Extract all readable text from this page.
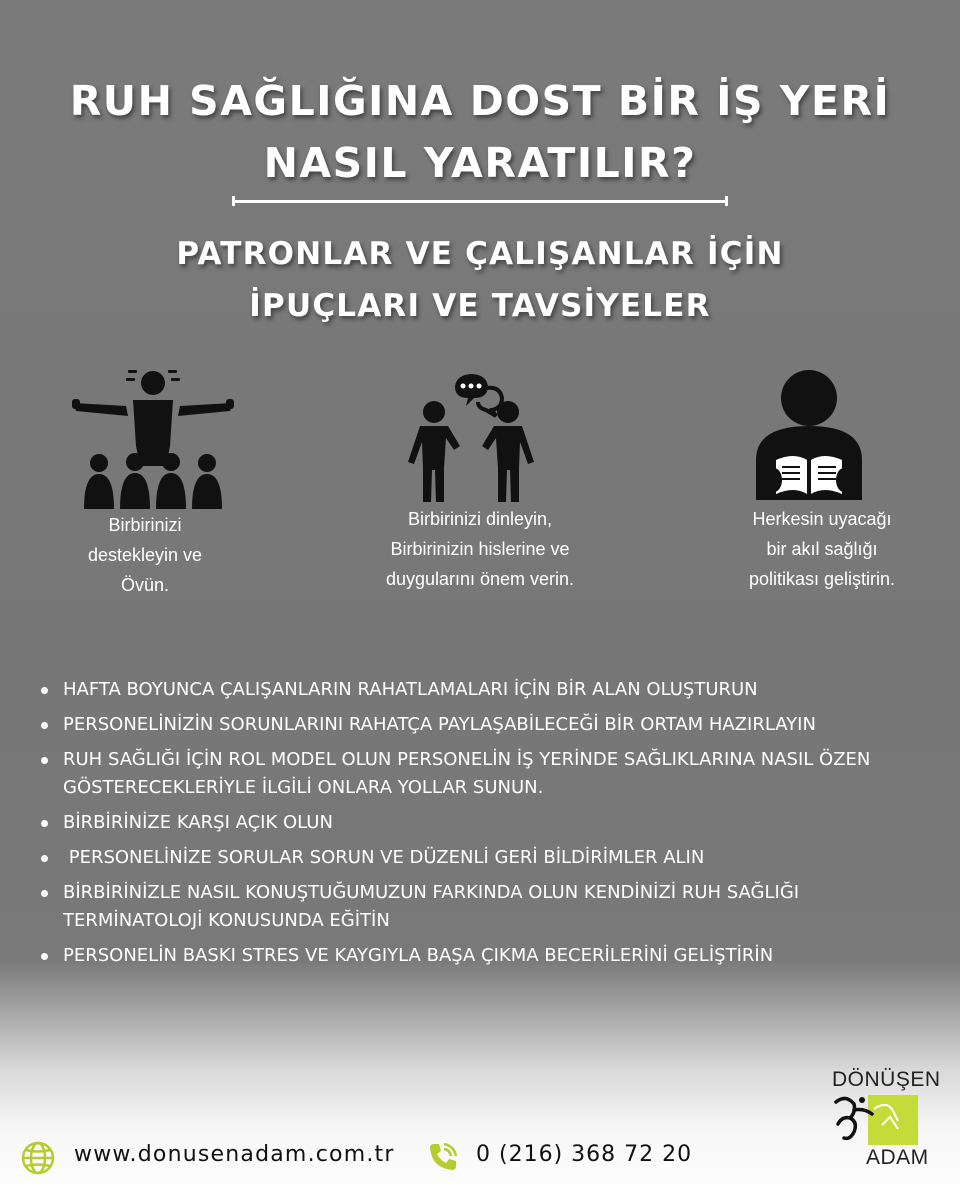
RUH SAĞLIĞINA DOST BİR İŞ YERİ
NASIL YARATILIR?
PATRONLAR VE ÇALIŞANLAR İÇİN
İPUÇLARI VE TAVSİYELER
Birbirinizi
destekleyin ve
Övün.
Birbirinizi dinleyin,
Birbirinizin hislerine ve
duygularını önem verin.
Herkesin uyacağı
bir akıl sağlığı
politikası geliştirin.
HAFTA BOYUNCA ÇALIŞANLARIN RAHATLAMALARI İÇİN BİR ALAN OLUŞTURUN
PERSONELİNİZİN SORUNLARINI RAHATÇA PAYLAŞABİLECEĞİ BİR ORTAM HAZIRLAYIN
RUH SAĞLIĞI İÇİN ROL MODEL OLUN PERSONELİN İŞ YERİNDE SAĞLIKLARINA NASIL ÖZEN
GÖSTERECEKLERİYLE İLGİLİ ONLARA YOLLAR SUNUN.
BİRBİRİNİZE KARŞI AÇIK OLUN
PERSONELİNİZE SORULAR SORUN VE DÜZENLİ GERİ BİLDİRİMLER ALIN
BİRBİRİNİZLE NASIL KONUŞTUĞUMUZUN FARKINDA OLUN KENDİNİZİ RUH SAĞLIĞI
TERMİNATOLOJİ KONUSUNDA EĞİTİN
PERSONELİN BASKI STRES VE KAYGIYLA BAŞA ÇIKMA BECERİLERİNİ GELİŞTİRİN
www.donusenadam.com.tr	0 (216) 368 72 20
DÖNÜŞEN
ADAM
